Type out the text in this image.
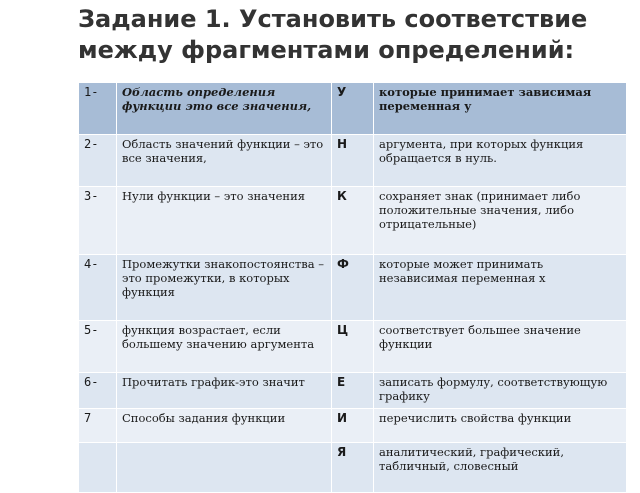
Задание 1. Установить соответствие между фрагментами определений:
1-	Область определения функции это все значения,	У	которые принимает зависимая переменная у
2-	Область значений функции – это все значения,	Н	аргумента, при которых функция обращается в нуль.
3-	Нули функции – это значения	К	сохраняет знак (принимает либо положительные значения, либо отрицательные)
4-	Промежутки знакопостоянства – это промежутки, в которых функция	Ф	которые может принимать независимая переменная х
5-	функция возрастает, если большему значению аргумента	Ц	соответствует большее значение функции
6-	Прочитать график-это значит	Е	записать формулу, соответствующую графику
7	Способы задания функции	И	перечислить свойства функции
		Я	аналитический, графический, табличный, словесный
